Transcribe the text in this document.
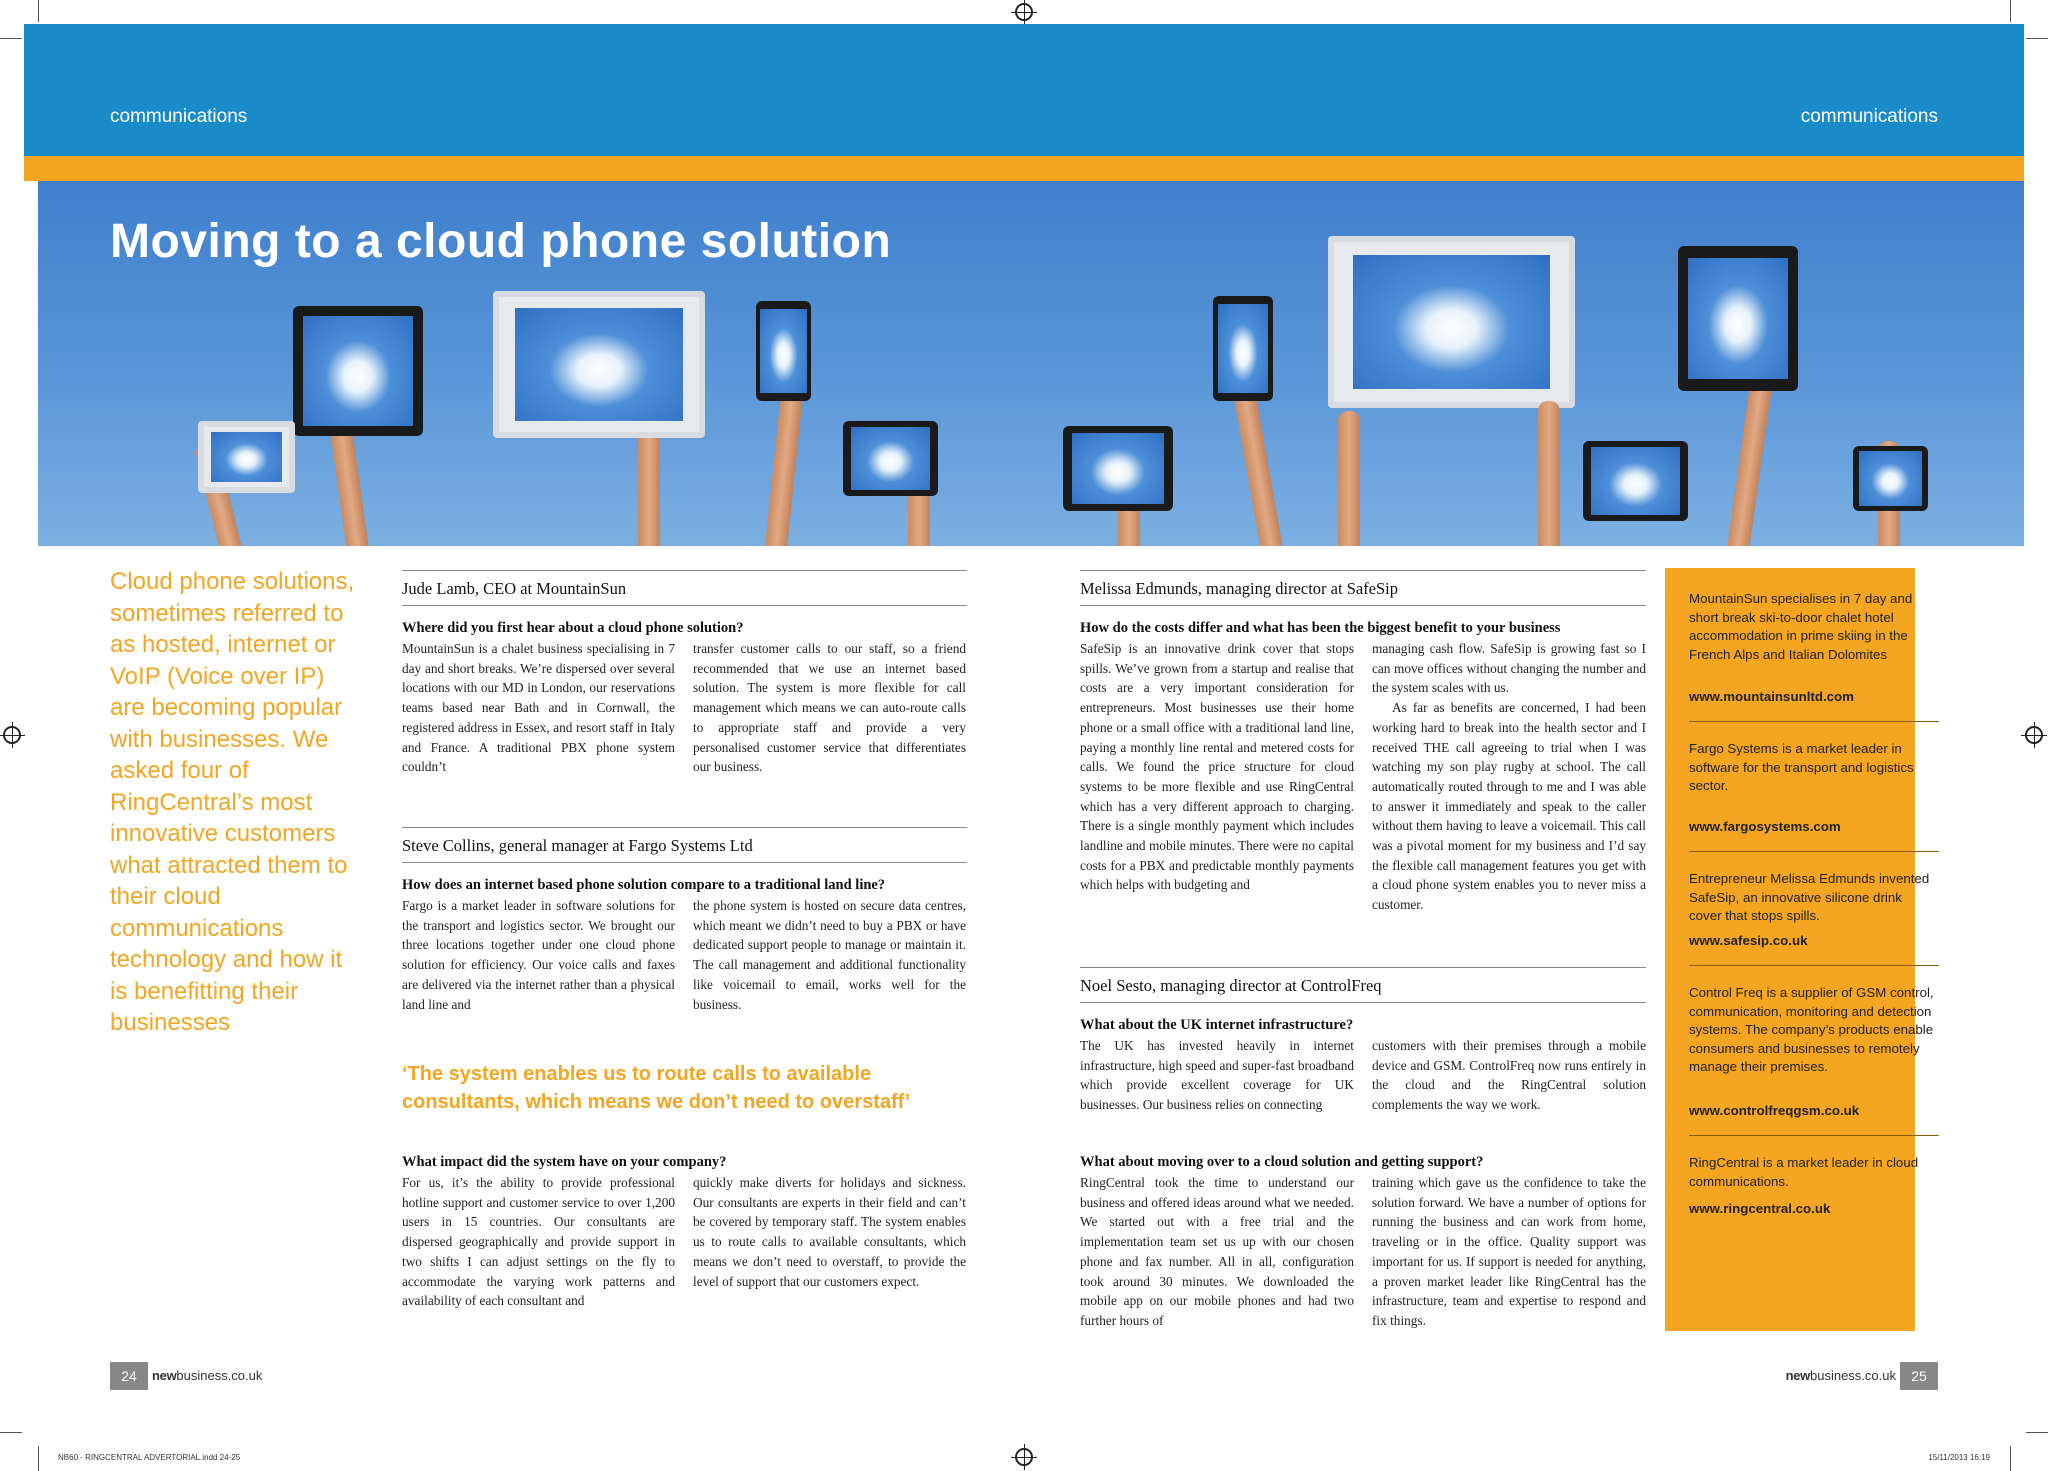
communications	communications
Moving to a cloud phone solution
Cloud phone solutions, sometimes referred to as hosted, internet or VoIP (Voice over IP) are becoming popular with businesses. We asked four of RingCentral’s most innovative customers what attracted them to their cloud communications technology and how it is benefitting their businesses
Jude Lamb, CEO at MountainSun
Where did you first hear about a cloud phone solution?
MountainSun is a chalet business specialising in 7 day and short breaks. We’re dispersed over several locations with our MD in London, our reservations teams based near Bath and in Cornwall, the registered address in Essex, and resort staff in Italy and France. A traditional PBX phone system couldn’t
transfer customer calls to our staff, so a friend recommended that we use an internet based solution. The system is more flexible for call management which means we can auto-route calls to appropriate staff and provide a very personalised customer service that differentiates our business.
Steve Collins, general manager at Fargo Systems Ltd
How does an internet based phone solution compare to a traditional land line?
Fargo is a market leader in software solutions for the transport and logistics sector. We brought our three locations together under one cloud phone solution for efficiency. Our voice calls and faxes are delivered via the internet rather than a physical land line and
the phone system is hosted on secure data centres, which meant we didn’t need to buy a PBX or have dedicated support people to manage or maintain it. The call management and additional functionality like voicemail to email, works well for the business.
‘The system enables us to route calls to available consultants, which means we don’t need to overstaff’
What impact did the system have on your company?
For us, it’s the ability to provide professional hotline support and customer service to over 1,200 users in 15 countries. Our consultants are dispersed geographically and provide support in two shifts I can adjust settings on the fly to accommodate the varying work patterns and availability of each consultant and
quickly make diverts for holidays and sickness. Our consultants are experts in their field and can’t be covered by temporary staff. The system enables us to route calls to available consultants, which means we don’t need to overstaff, to provide the level of support that our customers expect.
Melissa Edmunds, managing director at SafeSip
How do the costs differ and what has been the biggest benefit to your business
SafeSip is an innovative drink cover that stops spills. We’ve grown from a startup and realise that costs are a very important consideration for entrepreneurs. Most businesses use their home phone or a small office with a traditional land line, paying a monthly line rental and metered costs for calls. We found the price structure for cloud systems to be more flexible and use RingCentral which has a very different approach to charging. There is a single monthly payment which includes landline and mobile minutes. There were no capital costs for a PBX and predictable monthly payments which helps with budgeting and
managing cash flow. SafeSip is growing fast so I can move offices without changing the number and the system scales with us.
As far as benefits are concerned, I had been working hard to break into the health sector and I received THE call agreeing to trial when I was watching my son play rugby at school. The call automatically routed through to me and I was able to answer it immediately and speak to the caller without them having to leave a voicemail. This call was a pivotal moment for my business and I’d say the flexible call management features you get with a cloud phone system enables you to never miss a customer.
Noel Sesto, managing director at ControlFreq
What about the UK internet infrastructure?
The UK has invested heavily in internet infrastructure, high speed and super-fast broadband which provide excellent coverage for UK businesses. Our business relies on connecting
customers with their premises through a mobile device and GSM. ControlFreq now runs entirely in the cloud and the RingCentral solution complements the way we work.
What about moving over to a cloud solution and getting support?
RingCentral took the time to understand our business and offered ideas around what we needed. We started out with a free trial and the implementation team set us up with our chosen phone and fax number. All in all, configuration took around 30 minutes. We downloaded the mobile app on our mobile phones and had two further hours of
training which gave us the confidence to take the solution forward. We have a number of options for running the business and can work from home, traveling or in the office. Quality support was important for us. If support is needed for anything, a proven market leader like RingCentral has the infrastructure, team and expertise to respond and fix things.
MountainSun specialises in 7 day and short break ski-to-door chalet hotel accommodation in prime skiing in the French Alps and Italian Dolomites
www.mountainsunltd.com
Fargo Systems is a market leader in software for the transport and logistics sector.
www.fargosystems.com
Entrepreneur Melissa Edmunds invented SafeSip, an innovative silicone drink cover that stops spills.
www.safesip.co.uk
Control Freq is a supplier of GSM control, communication, monitoring and detection systems. The company’s products enable consumers and businesses to remotely manage their premises.
www.controlfreqgsm.co.uk
RingCentral is a market leader in cloud communications.
www.ringcentral.co.uk
24	newbusiness.co.uk	newbusiness.co.uk	25
NB60 - RINGCENTRAL ADVERTORIAL.indd 24-25	15/11/2013 16:19
